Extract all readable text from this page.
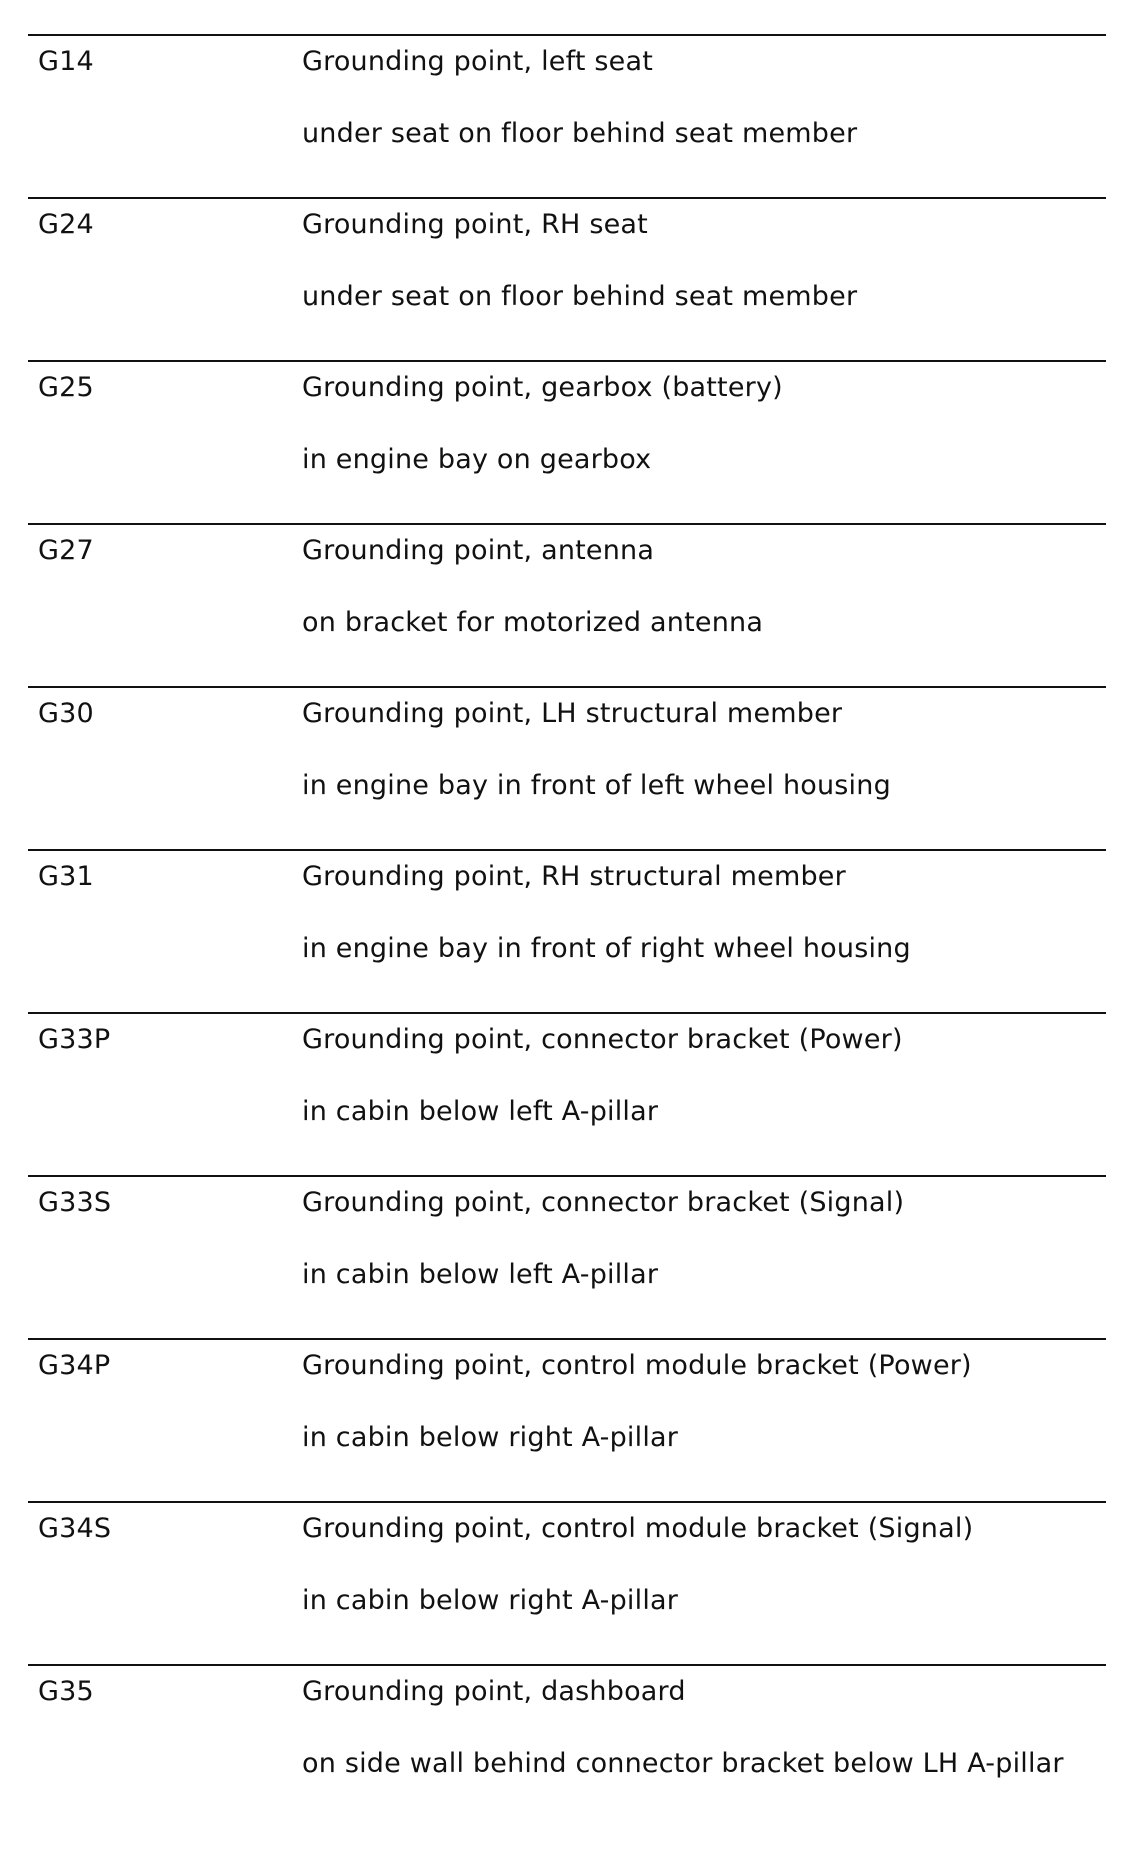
G14	Grounding point, left seat
under seat on floor behind seat member
G24	Grounding point, RH seat
under seat on floor behind seat member
G25	Grounding point, gearbox (battery)
in engine bay on gearbox
G27	Grounding point, antenna
on bracket for motorized antenna
G30	Grounding point, LH structural member
in engine bay in front of left wheel housing
G31	Grounding point, RH structural member
in engine bay in front of right wheel housing
G33P	Grounding point, connector bracket (Power)
in cabin below left A-pillar
G33S	Grounding point, connector bracket (Signal)
in cabin below left A-pillar
G34P	Grounding point, control module bracket (Power)
in cabin below right A-pillar
G34S	Grounding point, control module bracket (Signal)
in cabin below right A-pillar
G35	Grounding point, dashboard
on side wall behind connector bracket below LH A-pillar
